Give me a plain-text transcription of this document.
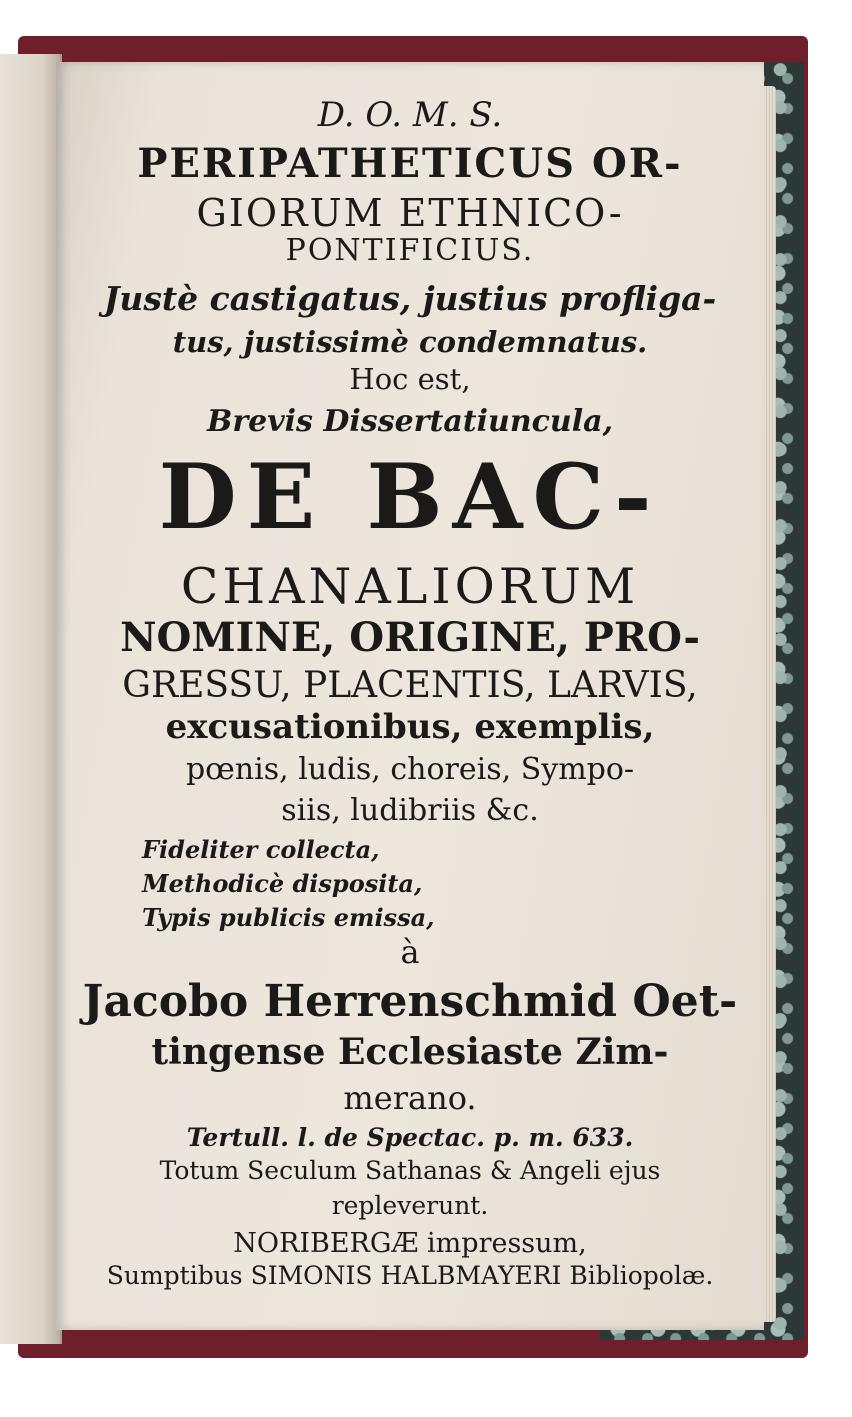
D. O. M. S.
PERIPATHETICUS OR-
GIORUM ETHNICO-
PONTIFICIUS.
Justè castigatus, justius profliga-
tus, justissimè condemnatus.
Hoc est,
Brevis Dissertatiuncula,
DE BAC-
CHANALIORUM
NOMINE, ORIGINE, PRO-
GRESSU, PLACENTIS, LARVIS,
excusationibus, exemplis,
pœnis, ludis, choreis, Sympo-
siis, ludibriis &c.
Fideliter collecta,
Methodicè disposita,
Typis publicis emissa,
à
Jacobo Herrenschmid Oet-
tingense Ecclesiaste Zim-
merano.
Tertull. l. de Spectac. p. m. 633.
Totum Seculum Sathanas & Angeli ejus
repleverunt.
NORIBERGÆ impressum,
Sumptibus SIMONIS HALBMAYERI Bibliopolæ.
